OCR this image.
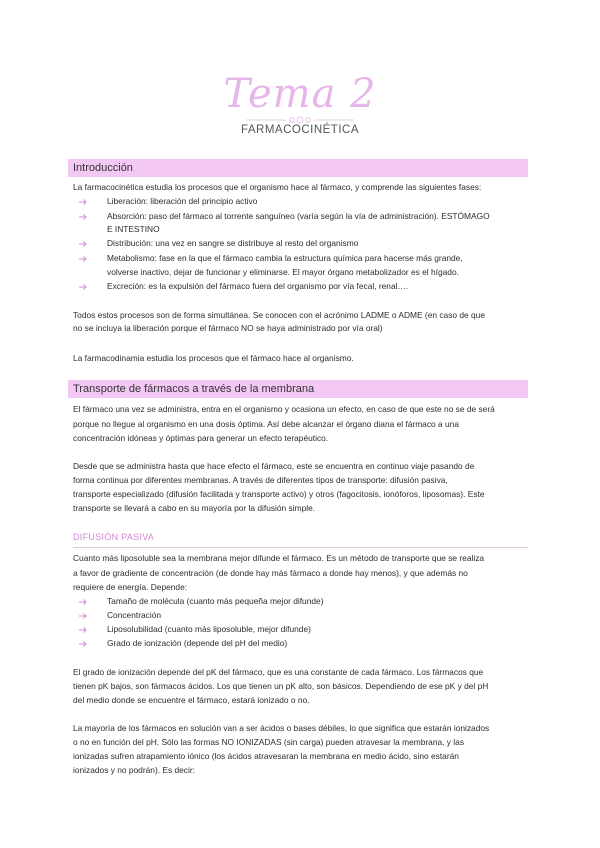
Tema 2
FARMACOCINÉTICA
Introducción
La farmacocinética estudia los procesos que el organismo hace al fármaco, y comprende las siguientes fases:
Liberación: liberación del principio activo
Absorción: paso del fármaco al torrente sanguíneo (varía según la vía de administración). ESTÓMAGO
E INTESTINO
Distribución: una vez en sangre se distribuye al resto del organismo
Metabolismo: fase en la que el fármaco cambia la estructura química para hacerse más grande,
volverse inactivo, dejar de funcionar y eliminarse. El mayor órgano metabolizador es el hígado.
Excreción: es la expulsión del fármaco fuera del organismo por vía fecal, renal….
Todos estos procesos son de forma simultánea. Se conocen con el acrónimo LADME o ADME (en caso de que
no se incluya la liberación porque el fármaco NO se haya administrado por vía oral)
La farmacodinamia estudia los procesos que el fármaco hace al organismo.
Transporte de fármacos a través de la membrana
El fármaco una vez se administra, entra en el organismo y ocasiona un efecto, en caso de que este no se de será
porque no llegue al organismo en una dosis óptima. Así debe alcanzar el órgano diana el fármaco a una
concentración idóneas y óptimas para generar un efecto terapéutico.
Desde que se administra hasta que hace efecto el fármaco, este se encuentra en continuo viaje pasando de
forma continua por diferentes membranas. A través de diferentes tipos de transporte: difusión pasiva,
transporte especializado (difusión facilitada y transporte activo) y otros (fagocitosis, ionóforos, liposomas). Este
transporte se llevará a cabo en su mayoría por la difusión simple.
DIFUSIÓN PASIVA
Cuanto más liposoluble sea la membrana mejor difunde el fármaco. Es un método de transporte que se realiza
a favor de gradiente de concentración (de donde hay más fármaco a donde hay menos), y que además no
requiere de energía. Depende:
Tamaño de molécula (cuanto más pequeña mejor difunde)
Concentración
Liposolubilidad (cuanto más liposoluble, mejor difunde)
Grado de ionización (depende del pH del medio)
El grado de ionización depende del pK del fármaco, que es una constante de cada fármaco. Los fármacos que
tienen pK bajos, son fármacos ácidos. Los que tienen un pK alto, son básicos. Dependiendo de ese pK y del pH
del medio donde se encuentre el fármaco, estará ionizado o no.
La mayoría de los fármacos en solución van a ser ácidos o bases débiles, lo que significa que estarán ionizados
o no en función del pH. Sólo las formas NO IONIZADAS (sin carga) pueden atravesar la membrana, y las
ionizadas sufren atrapamiento iónico (los ácidos atravesaran la membrana en medio ácido, sino estarán
ionizados y no podrán). Es decir:
